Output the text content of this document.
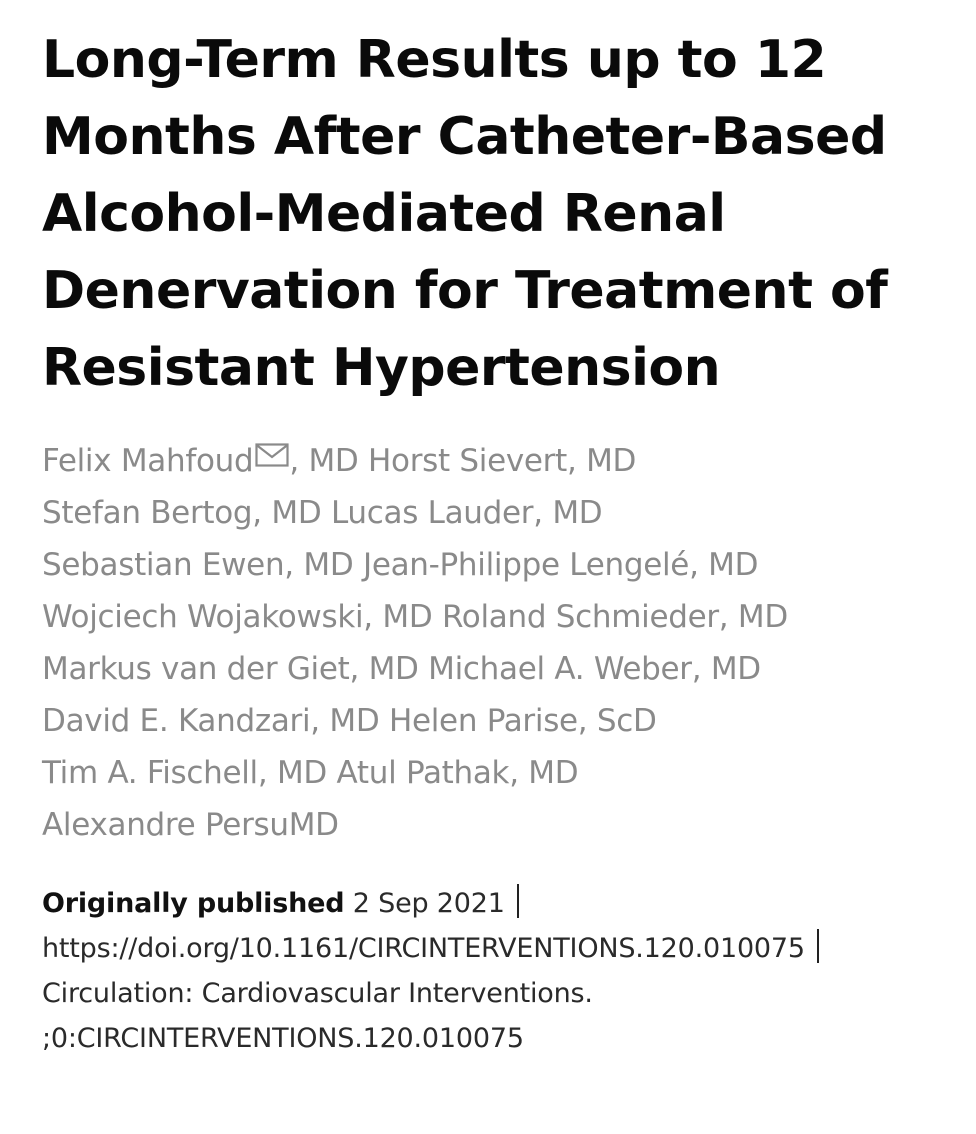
Long-Term Results up to 12 Months After Catheter-Based Alcohol-Mediated Renal Denervation for Treatment of Resistant Hypertension
Felix Mahfoud , MD Horst Sievert, MD
Stefan Bertog, MD Lucas Lauder, MD
Sebastian Ewen, MD Jean-Philippe Lengelé, MD
Wojciech Wojakowski, MD Roland Schmieder, MD
Markus van der Giet, MD Michael A. Weber, MD
David E. Kandzari, MD Helen Parise, ScD
Tim A. Fischell, MD Atul Pathak, MD
Alexandre PersuMD
Originally published 2 Sep 2021
https://doi.org/10.1161/CIRCINTERVENTIONS.120.010075
Circulation: Cardiovascular Interventions.
;0:CIRCINTERVENTIONS.120.010075
